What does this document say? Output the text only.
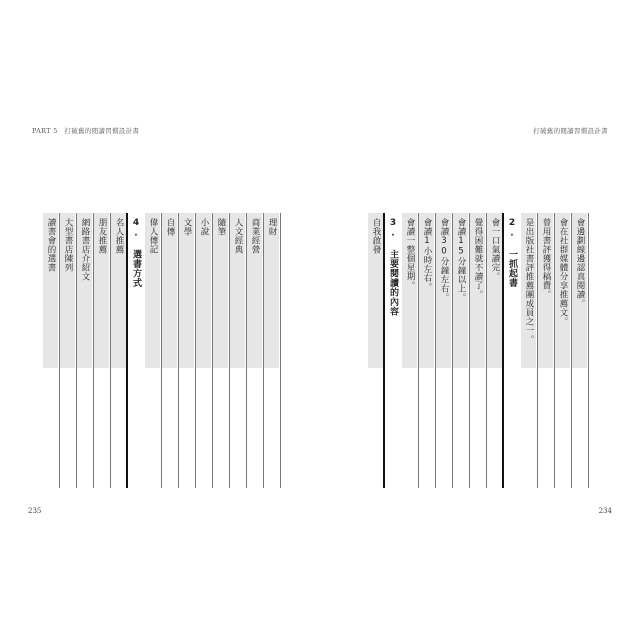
PART 5　打破舊的閱讀習慣設計書	打破舊的閱讀習慣設計書
235	234
讀書會的選書 大型書店陳列 網路書店介紹文 朋友推薦 名人推薦 4. 選書方式 偉人傳記 自傳 文學 小說 隨筆 人文經典 商業經營 理財	自我啟發 3. 主要閱讀的內容 會讀一整個星期。 會讀1小時左右。 會讀30分鐘左右。 會讀15分鐘以上。 覺得困難就不讀了。 會一口氣讀完。 2. 一抓起書 是出版社書評推薦團成員之一。 曾用書評獲得稿費。 會在社群媒體分享推薦文。 會邊劃線邊認真閱讀。
